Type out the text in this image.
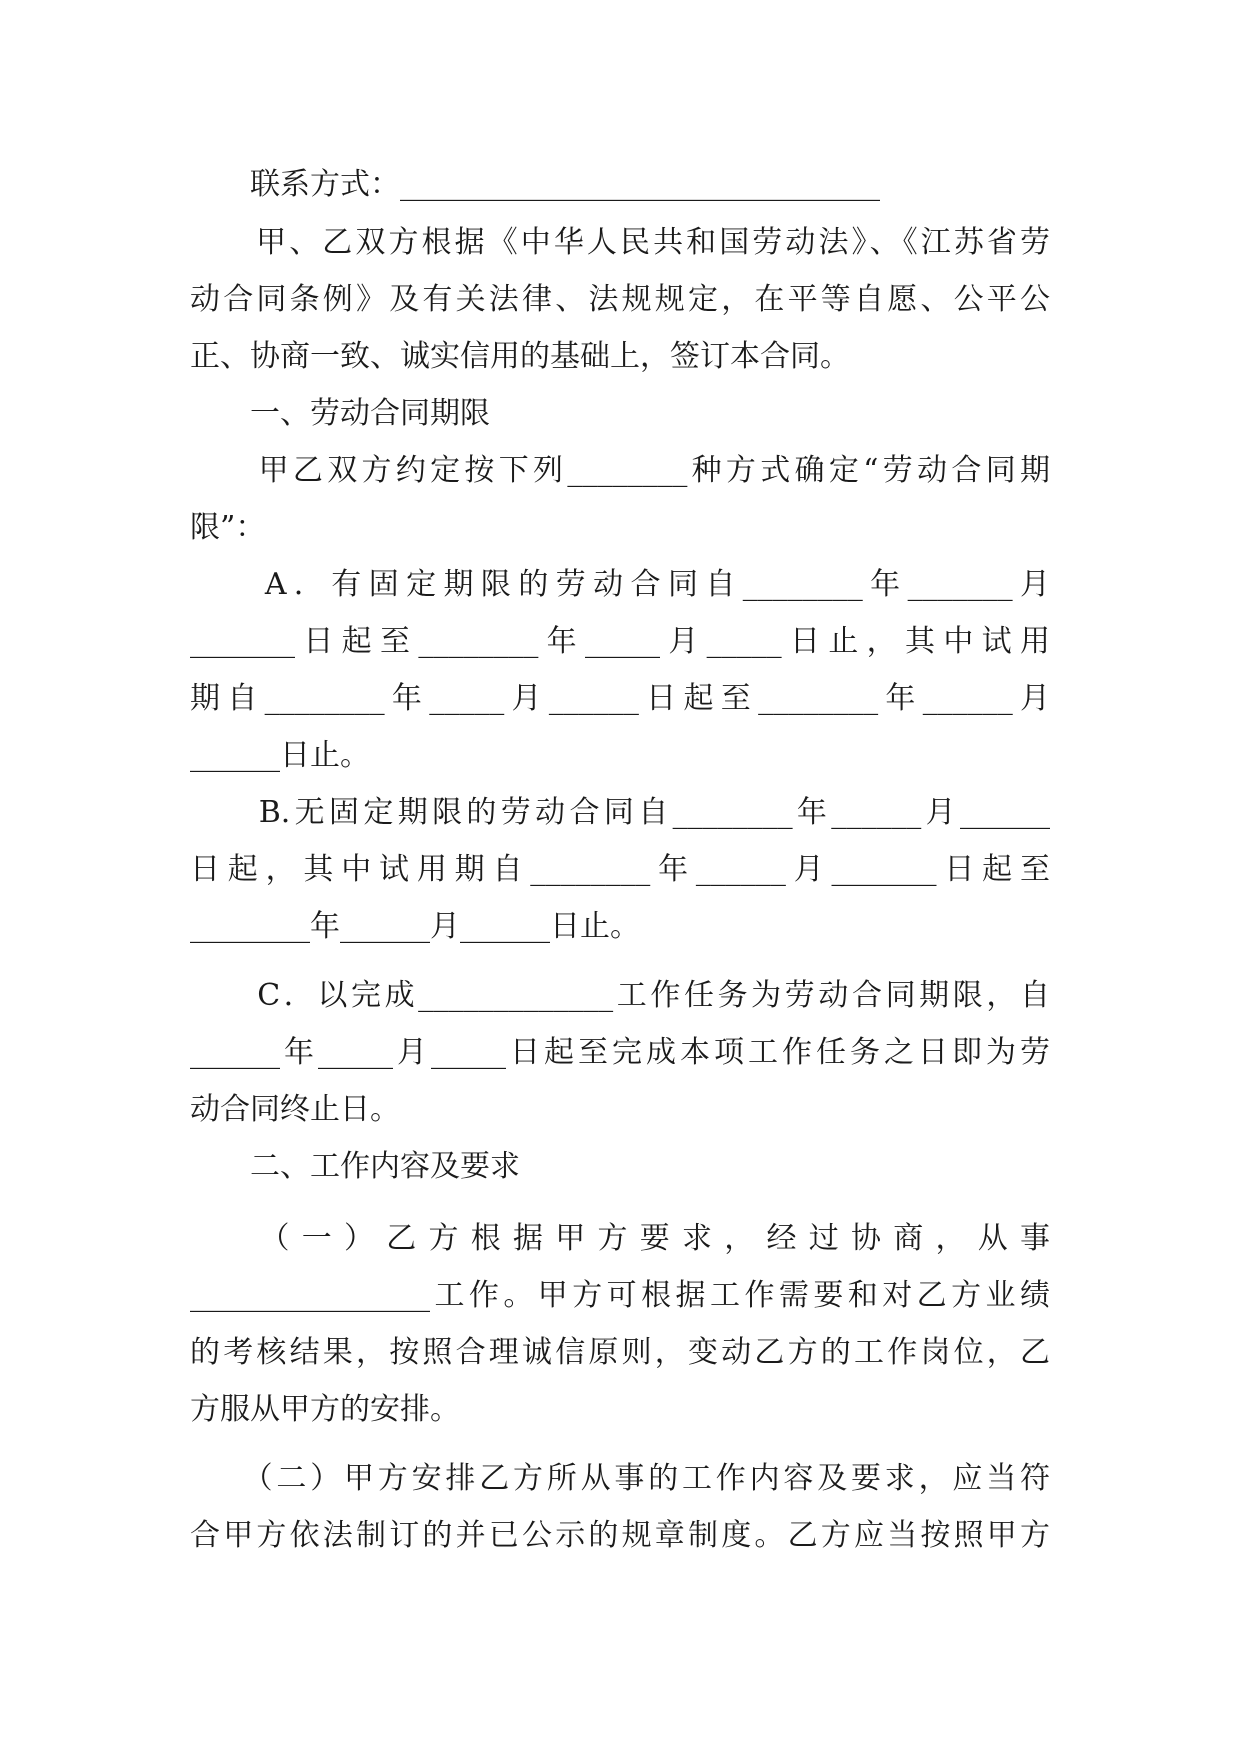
　　联系方式：________________________________
　　甲、乙双方根据《中华人民共和国劳动法》、《江苏省劳
动合同条例》及有关法律、法规规定，在平等自愿、公平公
正、协商一致、诚实信用的基础上，签订本合同。
　　一、劳动合同期限
　　甲乙双方约定按下列________种方式确定“劳动合同期
限”：
　　A．有固定期限的劳动合同自________年_______月
_______日起至________年_____月_____日止，其中试用
期自________年_____月______日起至________年______月
______日止。
　　B.无固定期限的劳动合同自________年______月______
日起，其中试用期自________年______月_______日起至
________年______月______日止。
　　C．以完成_____________工作任务为劳动合同期限，自
______年_____月_____日起至完成本项工作任务之日即为劳
动合同终止日。
　　二、工作内容及要求
　　（一）乙方根据甲方要求，经过协商，从事
________________工作。甲方可根据工作需要和对乙方业绩
的考核结果，按照合理诚信原则，变动乙方的工作岗位，乙
方服从甲方的安排。
　　（二）甲方安排乙方所从事的工作内容及要求，应当符
合甲方依法制订的并已公示的规章制度。乙方应当按照甲方
